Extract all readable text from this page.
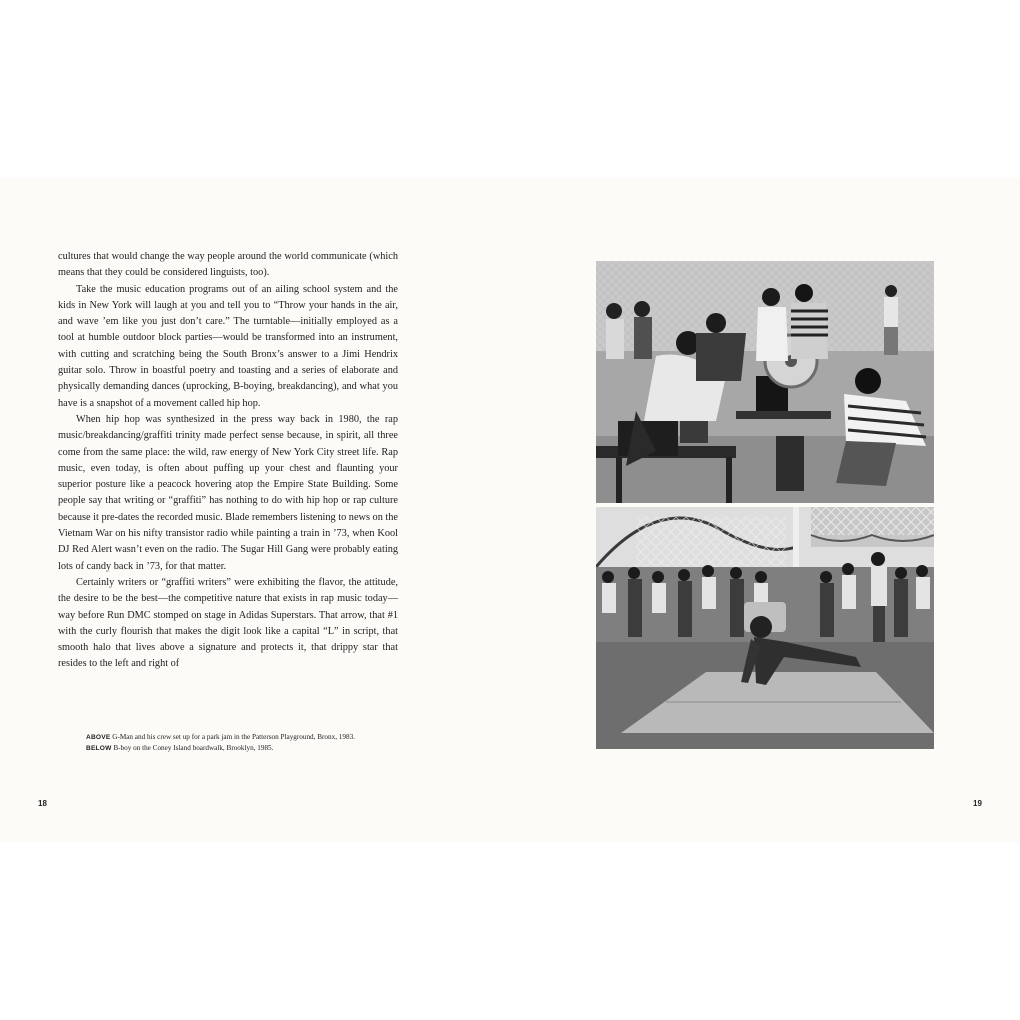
cultures that would change the way people around the world communicate (which means that they could be considered linguists, too).

Take the music education programs out of an ailing school system and the kids in New York will laugh at you and tell you to “Throw your hands in the air, and wave ’em like you just don’t care.” The turntable—initially employed as a tool at humble outdoor block parties—would be transformed into an instrument, with cutting and scratching being the South Bronx’s answer to a Jimi Hendrix guitar solo. Throw in boastful poetry and toasting and a series of elaborate and physically demanding dances (uprocking, B-boying, breakdancing), and what you have is a snapshot of a movement called hip hop.

When hip hop was synthesized in the press way back in 1980, the rap music/breakdancing/graffiti trinity made perfect sense because, in spirit, all three come from the same place: the wild, raw energy of New York City street life. Rap music, even today, is often about puffing up your chest and flaunting your superior posture like a peacock hovering atop the Empire State Building. Some people say that writing or “graffiti” has nothing to do with hip hop or rap culture because it pre-dates the recorded music. Blade remembers listening to news on the Vietnam War on his nifty transistor radio while painting a train in ’73, when Kool DJ Red Alert wasn’t even on the radio. The Sugar Hill Gang were probably eating lots of candy back in ’73, for that matter.

Certainly writers or “graffiti writers” were exhibiting the flavor, the attitude, the desire to be the best—the competitive nature that exists in rap music today—way before Run DMC stomped on stage in Adidas Superstars. That arrow, that #1 with the curly flourish that makes the digit look like a capital “L” in script, that smooth halo that lives above a signature and protects it, that drippy star that resides to the left and right of

ABOVE G-Man and his crew set up for a park jam in the Patterson Playground, Bronx, 1983.
BELOW B-boy on the Coney Island boardwalk, Brooklyn, 1985.
18	19
